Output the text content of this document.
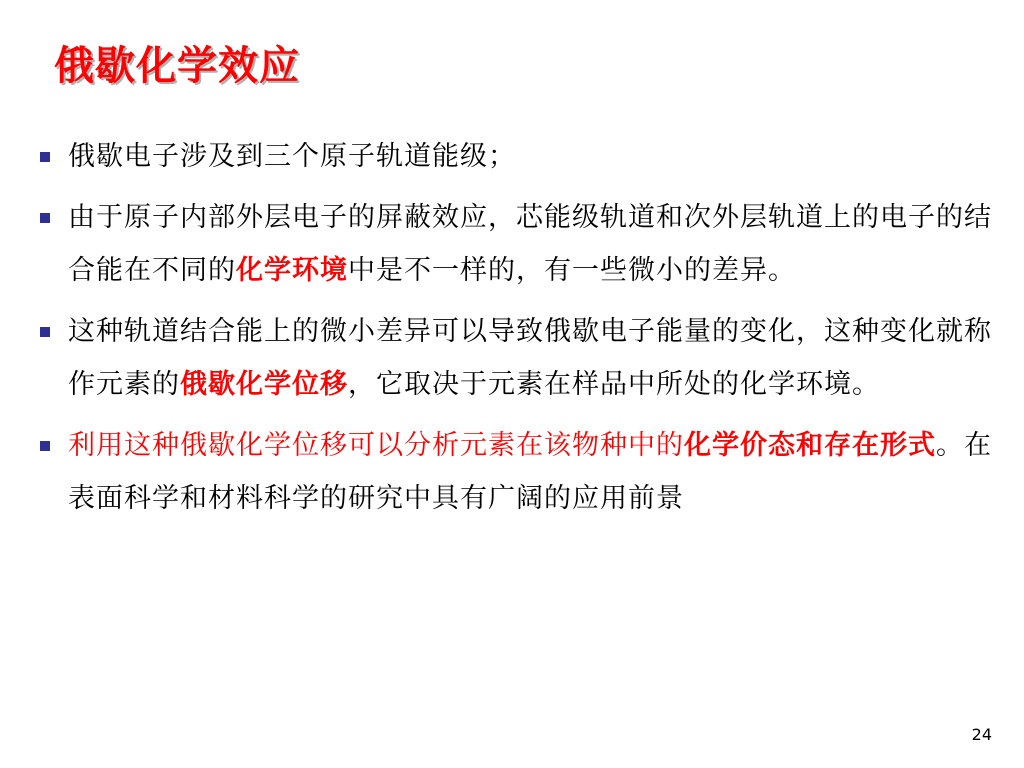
俄歇化学效应
俄歇电子涉及到三个原子轨道能级；
由于原子内部外层电子的屏蔽效应，芯能级轨道和次外层轨道上的电子的结合能在不同的化学环境中是不一样的，有一些微小的差异。
这种轨道结合能上的微小差异可以导致俄歇电子能量的变化，这种变化就称作元素的俄歇化学位移，它取决于元素在样品中所处的化学环境。
利用这种俄歇化学位移可以分析元素在该物种中的化学价态和存在形式。在表面科学和材料科学的研究中具有广阔的应用前景
24
